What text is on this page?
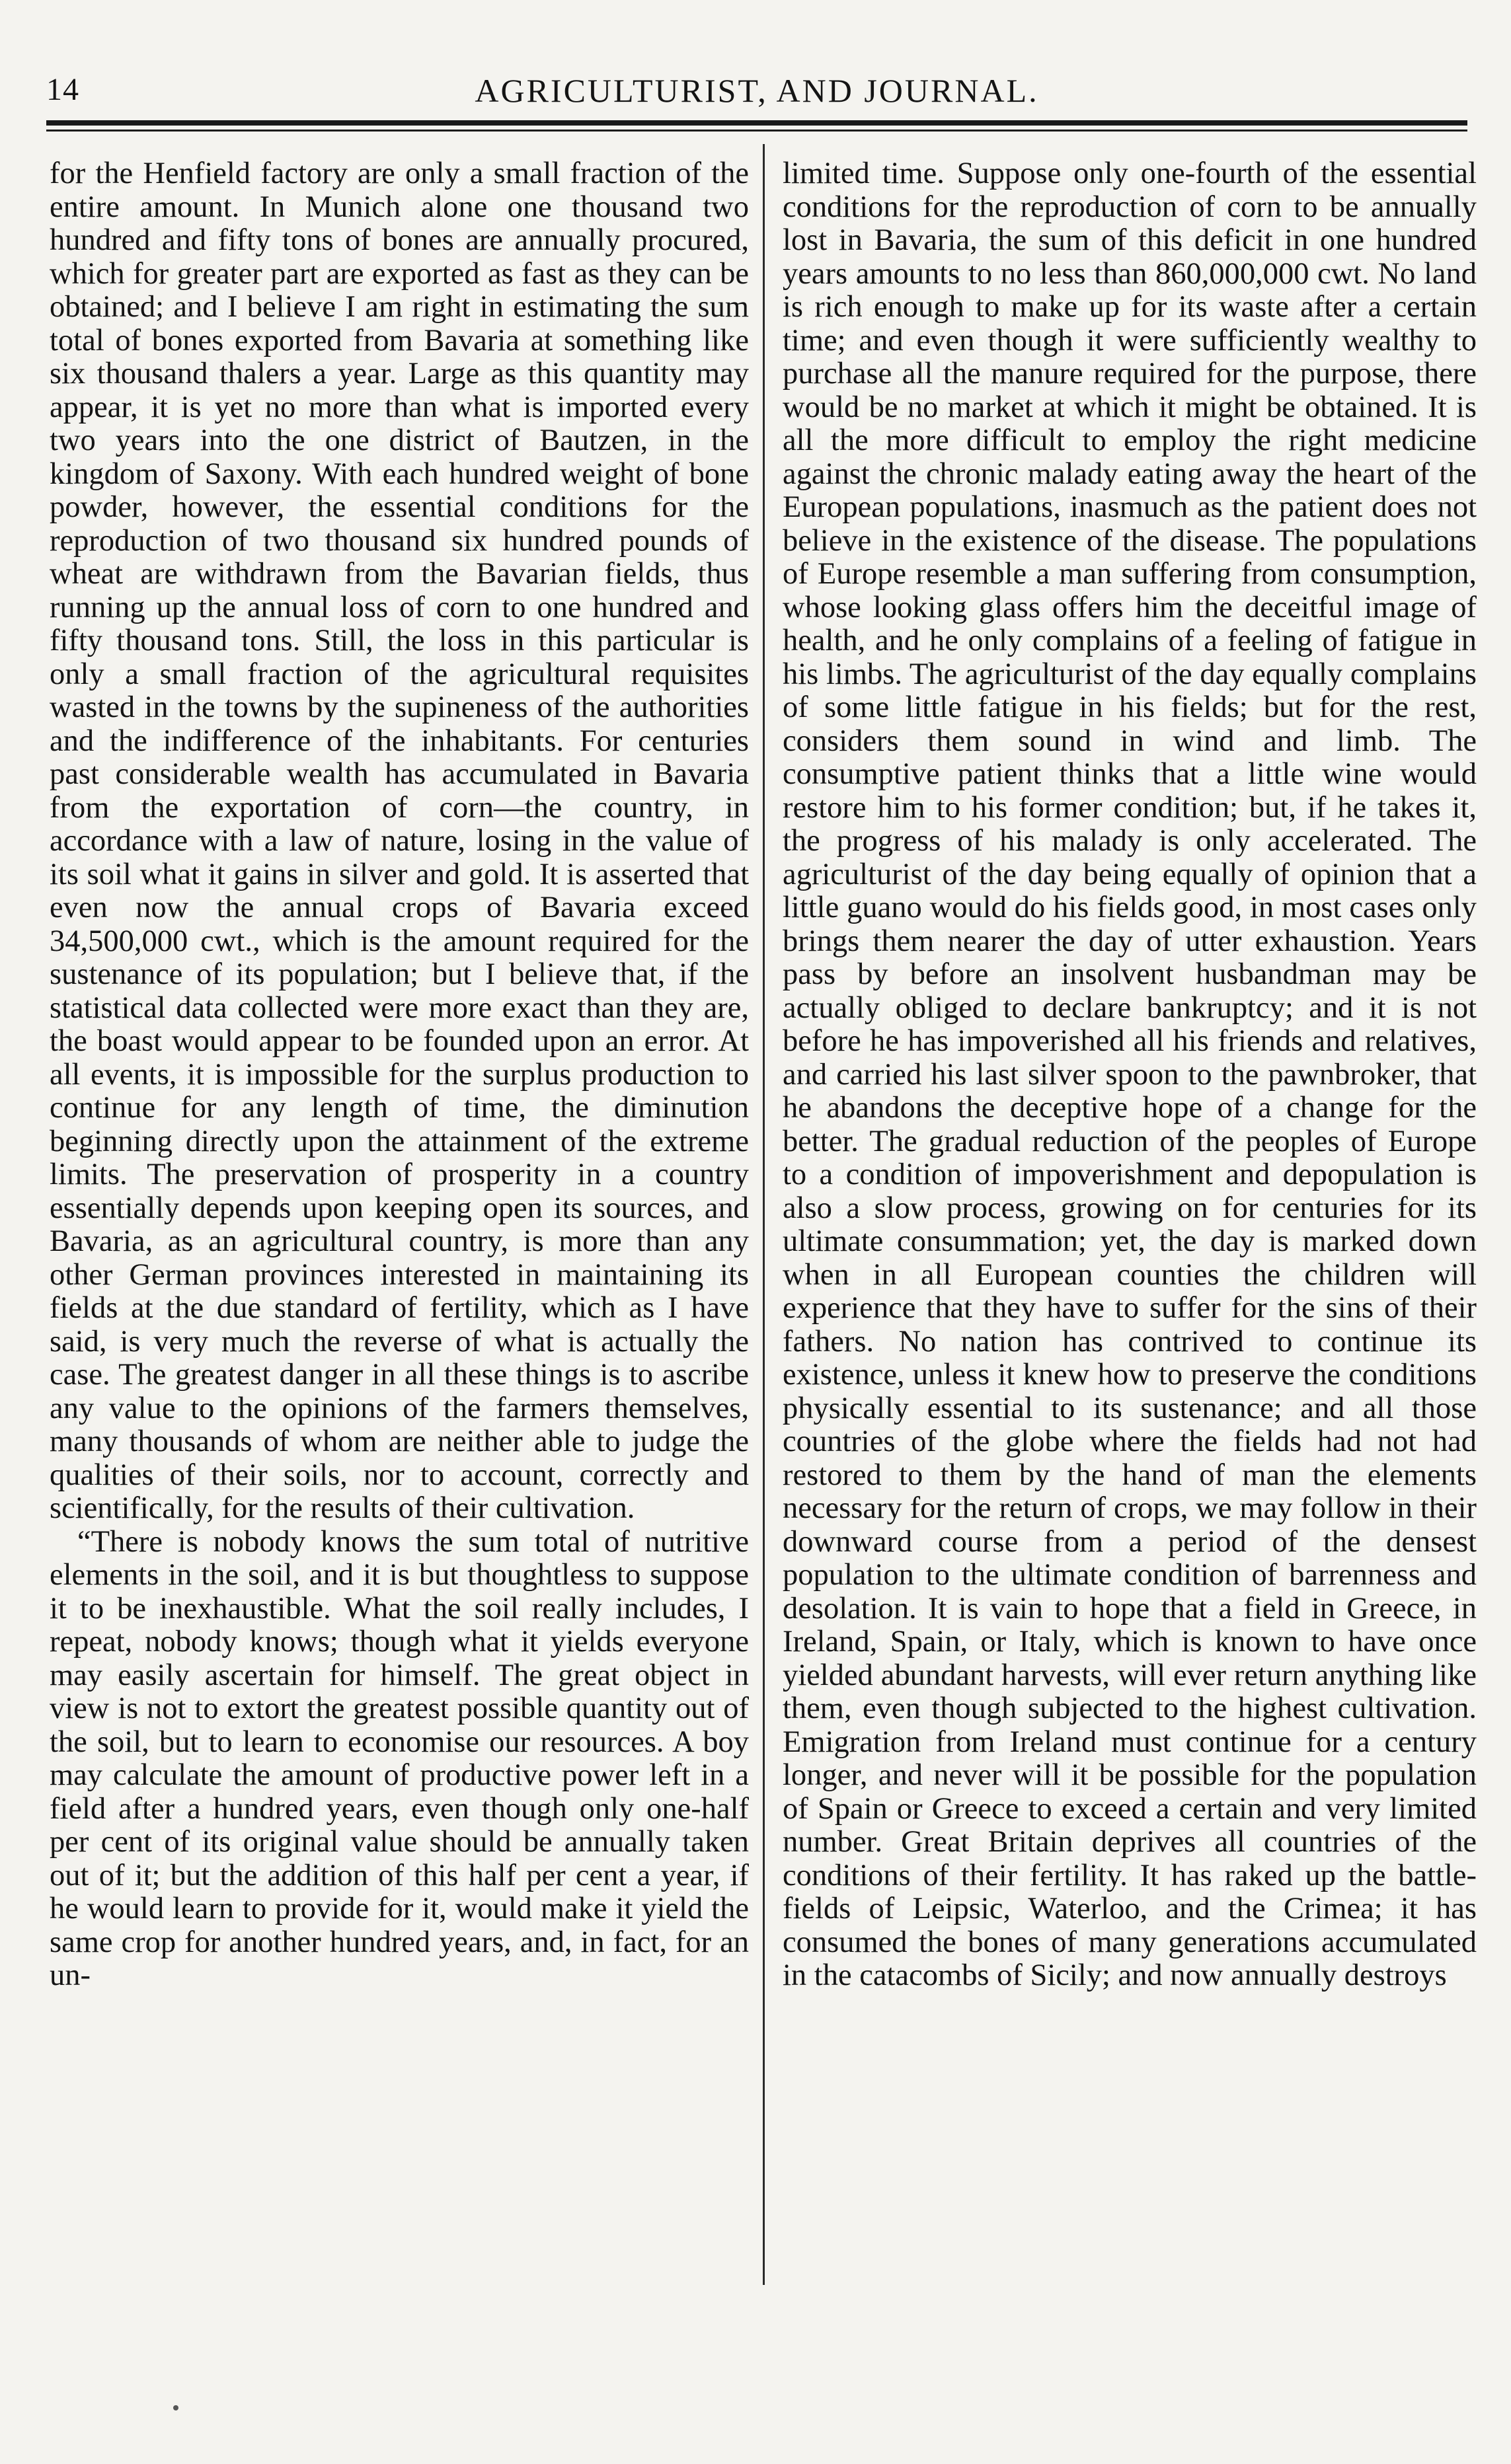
14	AGRICULTURIST, AND JOURNAL.

for the Henfield factory are only a small fraction of the entire amount. In Munich alone one thousand two hundred and fifty tons of bones are annually procured, which for greater part are exported as fast as they can be obtained; and I believe I am right in estimating the sum total of bones exported from Bavaria at something like six thousand thalers a year. Large as this quantity may appear, it is yet no more than what is imported every two years into the one district of Bautzen, in the kingdom of Saxony. With each hundred weight of bone powder, however, the essential conditions for the reproduction of two thousand six hundred pounds of wheat are withdrawn from the Bavarian fields, thus running up the annual loss of corn to one hundred and fifty thousand tons. Still, the loss in this particular is only a small fraction of the agricultural requisites wasted in the towns by the supineness of the authorities and the indifference of the inhabitants. For centuries past considerable wealth has accumulated in Bavaria from the exportation of corn—the country, in accordance with a law of nature, losing in the value of its soil what it gains in silver and gold. It is asserted that even now the annual crops of Bavaria exceed 34,500,000 cwt., which is the amount required for the sustenance of its population; but I believe that, if the statistical data collected were more exact than they are, the boast would appear to be founded upon an error. At all events, it is impossible for the surplus production to continue for any length of time, the diminution beginning directly upon the attainment of the extreme limits. The preservation of prosperity in a country essentially depends upon keeping open its sources, and Bavaria, as an agricultural country, is more than any other German provinces interested in maintaining its fields at the due standard of fertility, which as I have said, is very much the reverse of what is actually the case. The greatest danger in all these things is to ascribe any value to the opinions of the farmers themselves, many thousands of whom are neither able to judge the qualities of their soils, nor to account, correctly and scientifically, for the results of their cultivation.

“There is nobody knows the sum total of nutritive elements in the soil, and it is but thoughtless to suppose it to be inexhaustible. What the soil really includes, I repeat, nobody knows; though what it yields everyone may easily ascertain for himself. The great object in view is not to extort the greatest possible quantity out of the soil, but to learn to economise our resources. A boy may calculate the amount of productive power left in a field after a hundred years, even though only one-half per cent of its original value should be annually taken out of it; but the addition of this half per cent a year, if he would learn to provide for it, would make it yield the same crop for another hundred years, and, in fact, for an un-

limited time. Suppose only one-fourth of the essential conditions for the reproduction of corn to be annually lost in Bavaria, the sum of this deficit in one hundred years amounts to no less than 860,000,000 cwt. No land is rich enough to make up for its waste after a certain time; and even though it were sufficiently wealthy to purchase all the manure required for the purpose, there would be no market at which it might be obtained. It is all the more difficult to employ the right medicine against the chronic malady eating away the heart of the European populations, inasmuch as the patient does not believe in the existence of the disease. The populations of Europe resemble a man suffering from consumption, whose looking glass offers him the deceitful image of health, and he only complains of a feeling of fatigue in his limbs. The agriculturist of the day equally complains of some little fatigue in his fields; but for the rest, considers them sound in wind and limb. The consumptive patient thinks that a little wine would restore him to his former condition; but, if he takes it, the progress of his malady is only accelerated. The agriculturist of the day being equally of opinion that a little guano would do his fields good, in most cases only brings them nearer the day of utter exhaustion. Years pass by before an insolvent husbandman may be actually obliged to declare bankruptcy; and it is not before he has impoverished all his friends and relatives, and carried his last silver spoon to the pawnbroker, that he abandons the deceptive hope of a change for the better. The gradual reduction of the peoples of Europe to a condition of impoverishment and depopulation is also a slow process, growing on for centuries for its ultimate consummation; yet, the day is marked down when in all European counties the children will experience that they have to suffer for the sins of their fathers. No nation has contrived to continue its existence, unless it knew how to preserve the conditions physically essential to its sustenance; and all those countries of the globe where the fields had not had restored to them by the hand of man the elements necessary for the return of crops, we may follow in their downward course from a period of the densest population to the ultimate condition of barrenness and desolation. It is vain to hope that a field in Greece, in Ireland, Spain, or Italy, which is known to have once yielded abundant harvests, will ever return anything like them, even though subjected to the highest cultivation. Emigration from Ireland must continue for a century longer, and never will it be possible for the population of Spain or Greece to exceed a certain and very limited number. Great Britain deprives all countries of the conditions of their fertility. It has raked up the battle-fields of Leipsic, Waterloo, and the Crimea; it has consumed the bones of many generations accumulated in the catacombs of Sicily; and now annually destroys
